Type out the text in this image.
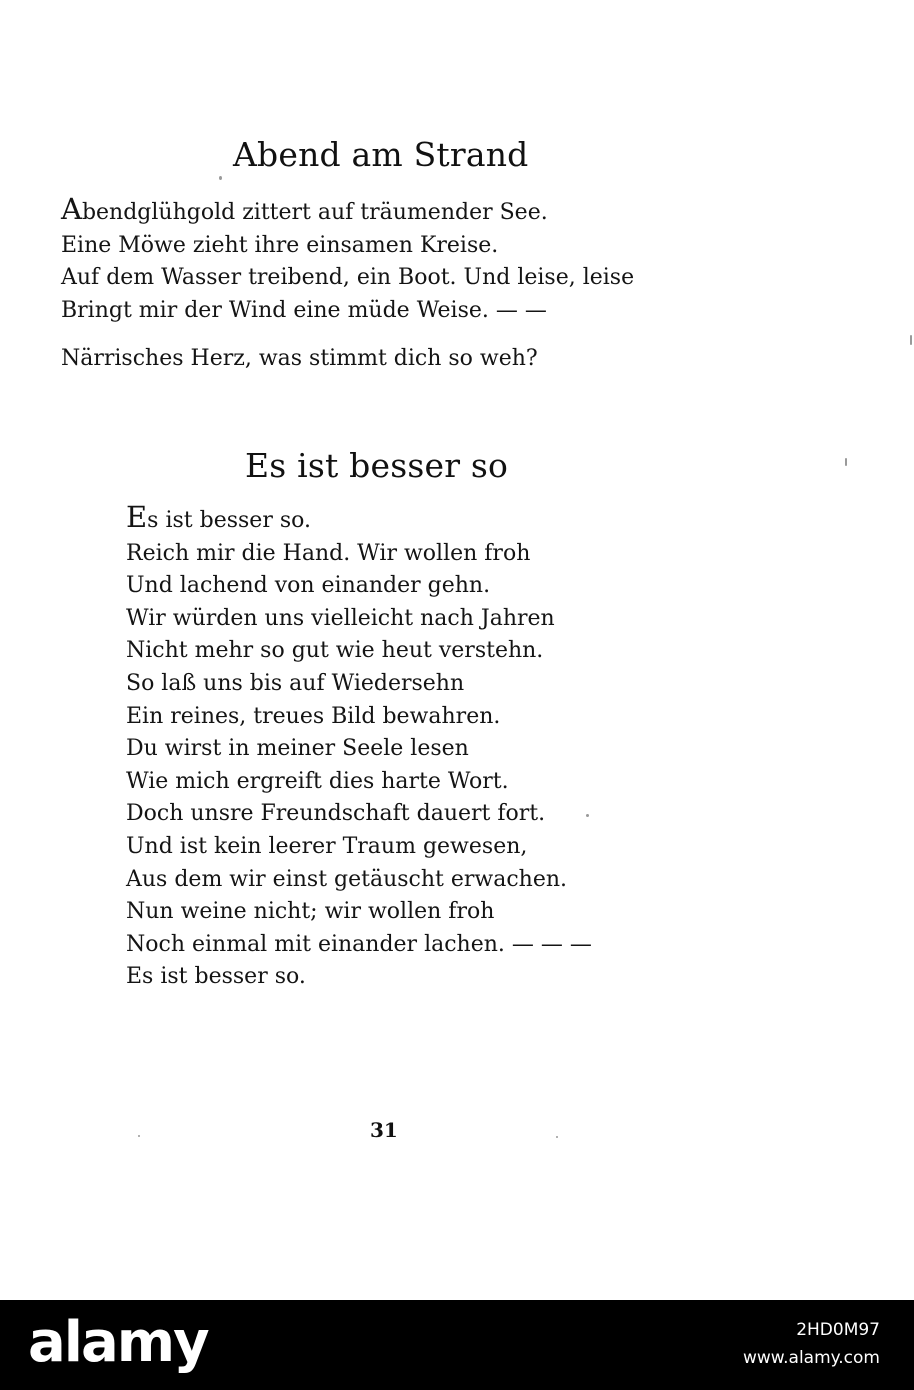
Abend am Strand
Abendglühgold zittert auf träumender See.
Eine Möwe zieht ihre einsamen Kreise.
Auf dem Wasser treibend, ein Boot. Und leise, leise
Bringt mir der Wind eine müde Weise. — —
Närrisches Herz, was stimmt dich so weh?
Es ist besser so
Es ist besser so.
Reich mir die Hand. Wir wollen froh
Und lachend von einander gehn.
Wir würden uns vielleicht nach Jahren
Nicht mehr so gut wie heut verstehn.
So laß uns bis auf Wiedersehn
Ein reines, treues Bild bewahren.
Du wirst in meiner Seele lesen
Wie mich ergreift dies harte Wort.
Doch unsre Freundschaft dauert fort.
Und ist kein leerer Traum gewesen,
Aus dem wir einst getäuscht erwachen.
Nun weine nicht; wir wollen froh
Noch einmal mit einander lachen. — — —
Es ist besser so.
31
alamy	2HD0M97
www.alamy.com
